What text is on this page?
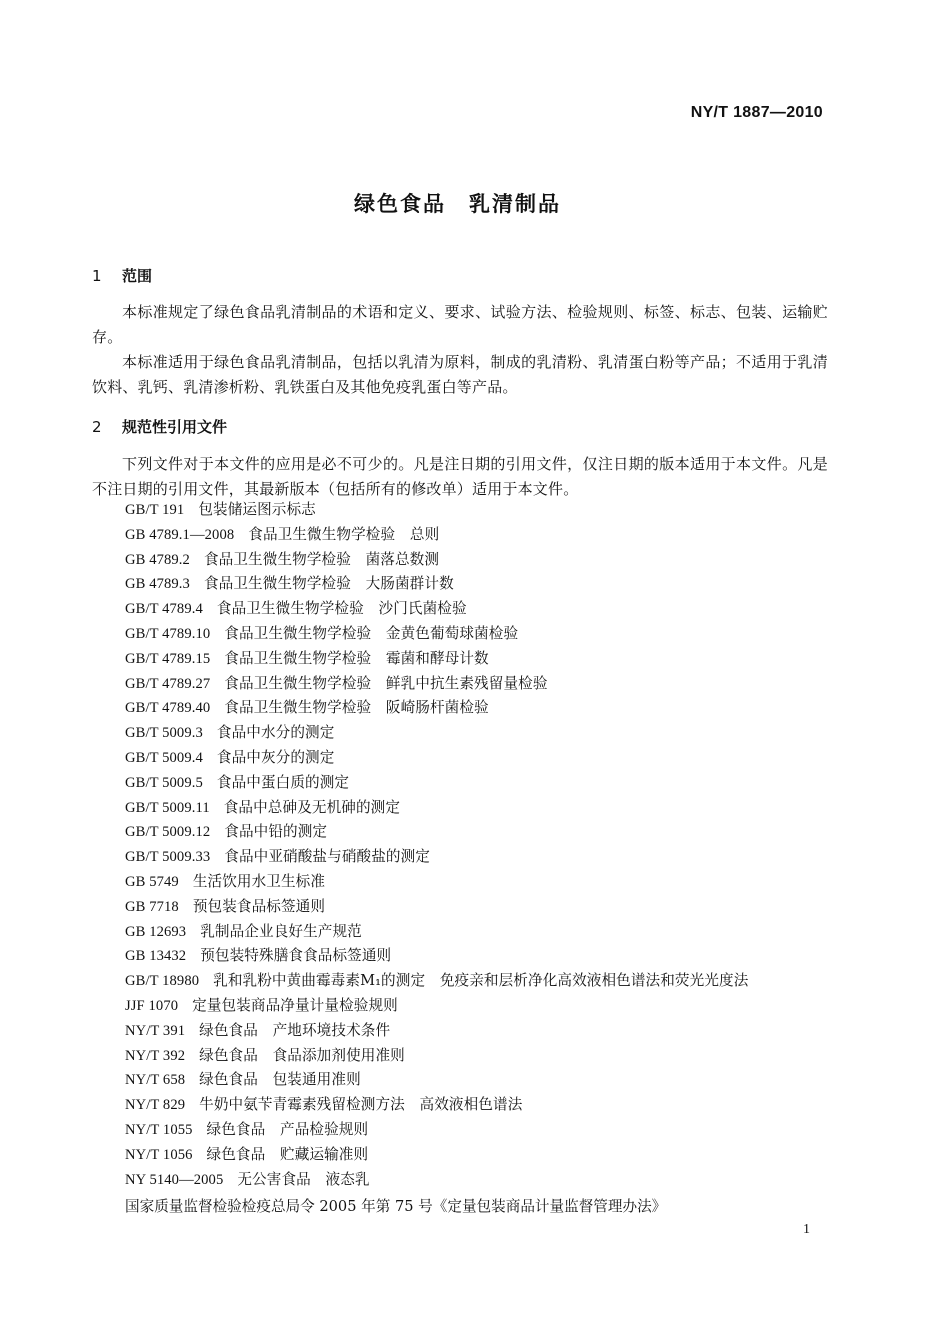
NY/T 1887—2010
绿色食品　乳清制品
1 范围
本标准规定了绿色食品乳清制品的术语和定义、要求、试验方法、检验规则、标签、标志、包装、运输贮存。
本标准适用于绿色食品乳清制品，包括以乳清为原料，制成的乳清粉、乳清蛋白粉等产品；不适用于乳清饮料、乳钙、乳清渗析粉、乳铁蛋白及其他免疫乳蛋白等产品。
2 规范性引用文件
下列文件对于本文件的应用是必不可少的。凡是注日期的引用文件，仅注日期的版本适用于本文件。凡是不注日期的引用文件，其最新版本（包括所有的修改单）适用于本文件。
GB/T 191 包装储运图示标志
GB 4789.1—2008 食品卫生微生物学检验　总则
GB 4789.2 食品卫生微生物学检验　菌落总数测
GB 4789.3 食品卫生微生物学检验　大肠菌群计数
GB/T 4789.4 食品卫生微生物学检验　沙门氏菌检验
GB/T 4789.10 食品卫生微生物学检验　金黄色葡萄球菌检验
GB/T 4789.15 食品卫生微生物学检验　霉菌和酵母计数
GB/T 4789.27 食品卫生微生物学检验　鲜乳中抗生素残留量检验
GB/T 4789.40 食品卫生微生物学检验　阪崎肠杆菌检验
GB/T 5009.3 食品中水分的测定
GB/T 5009.4 食品中灰分的测定
GB/T 5009.5 食品中蛋白质的测定
GB/T 5009.11 食品中总砷及无机砷的测定
GB/T 5009.12 食品中铅的测定
GB/T 5009.33 食品中亚硝酸盐与硝酸盐的测定
GB 5749 生活饮用水卫生标准
GB 7718 预包装食品标签通则
GB 12693 乳制品企业良好生产规范
GB 13432 预包装特殊膳食食品标签通则
GB/T 18980 乳和乳粉中黄曲霉毒素M₁的测定　免疫亲和层析净化高效液相色谱法和荧光光度法
JJF 1070 定量包装商品净量计量检验规则
NY/T 391 绿色食品　产地环境技术条件
NY/T 392 绿色食品　食品添加剂使用准则
NY/T 658 绿色食品　包装通用准则
NY/T 829 牛奶中氨苄青霉素残留检测方法　高效液相色谱法
NY/T 1055 绿色食品　产品检验规则
NY/T 1056 绿色食品　贮藏运输准则
NY 5140—2005 无公害食品　液态乳
国家质量监督检验检疫总局令 2005 年第 75 号《定量包装商品计量监督管理办法》
1
